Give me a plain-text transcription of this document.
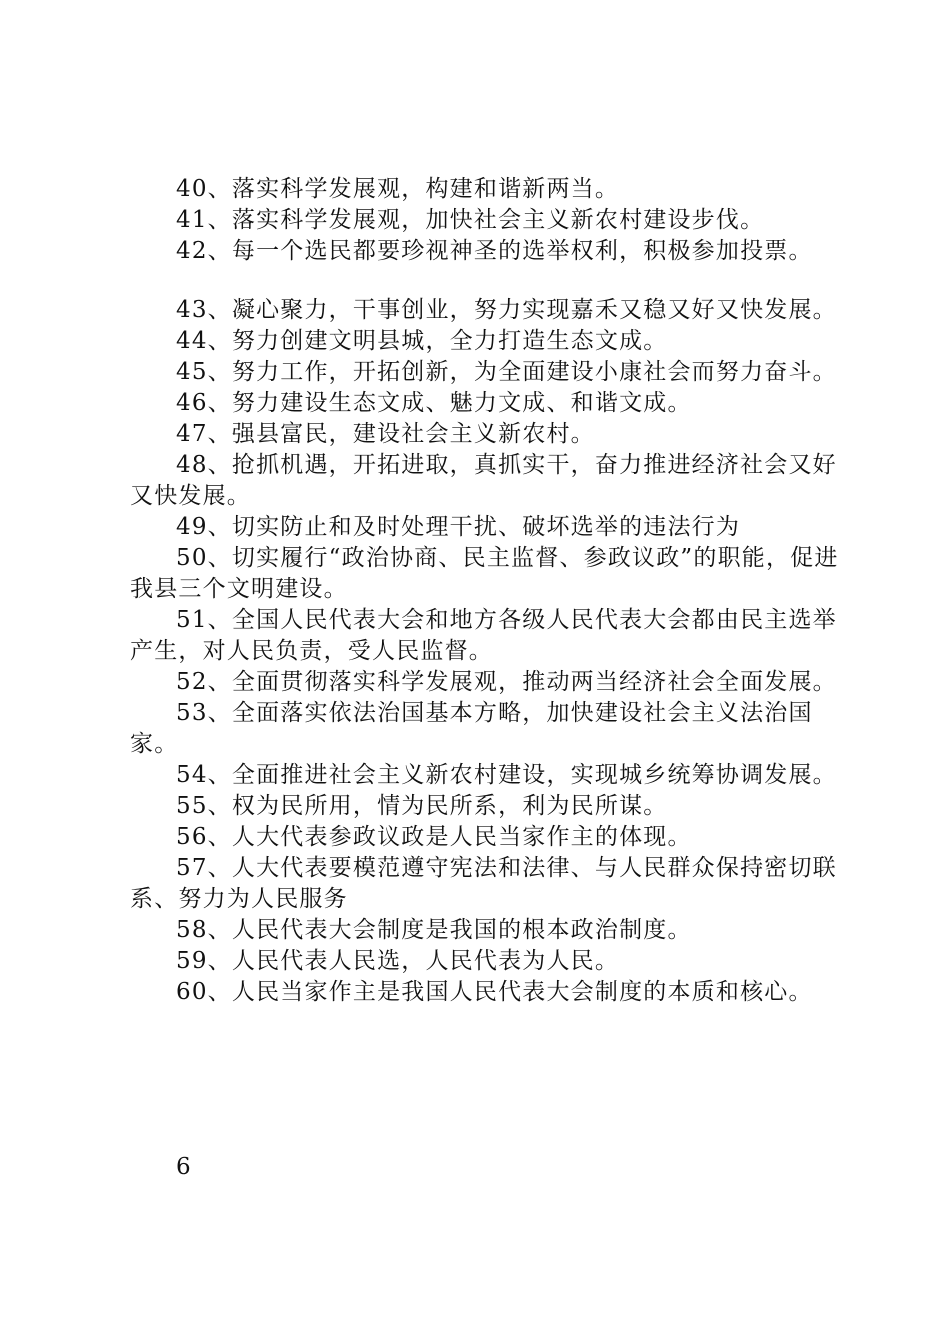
40、落实科学发展观，构建和谐新两当。
41、落实科学发展观，加快社会主义新农村建设步伐。
42、每一个选民都要珍视神圣的选举权利，积极参加投票。
43、凝心聚力，干事创业，努力实现嘉禾又稳又好又快发展。
44、努力创建文明县城，全力打造生态文成。
45、努力工作，开拓创新，为全面建设小康社会而努力奋斗。
46、努力建设生态文成、魅力文成、和谐文成。
47、强县富民，建设社会主义新农村。
48、抢抓机遇，开拓进取，真抓实干，奋力推进经济社会又好又快发展。
49、切实防止和及时处理干扰、破坏选举的违法行为
50、切实履行“政治协商、民主监督、参政议政”的职能，促进我县三个文明建设。
51、全国人民代表大会和地方各级人民代表大会都由民主选举产生，对人民负责，受人民监督。
52、全面贯彻落实科学发展观，推动两当经济社会全面发展。
53、全面落实依法治国基本方略，加快建设社会主义法治国家。
54、全面推进社会主义新农村建设，实现城乡统筹协调发展。
55、权为民所用，情为民所系，利为民所谋。
56、人大代表参政议政是人民当家作主的体现。
57、人大代表要模范遵守宪法和法律、与人民群众保持密切联系、努力为人民服务
58、人民代表大会制度是我国的根本政治制度。
59、人民代表人民选，人民代表为人民。
60、人民当家作主是我国人民代表大会制度的本质和核心。
6
